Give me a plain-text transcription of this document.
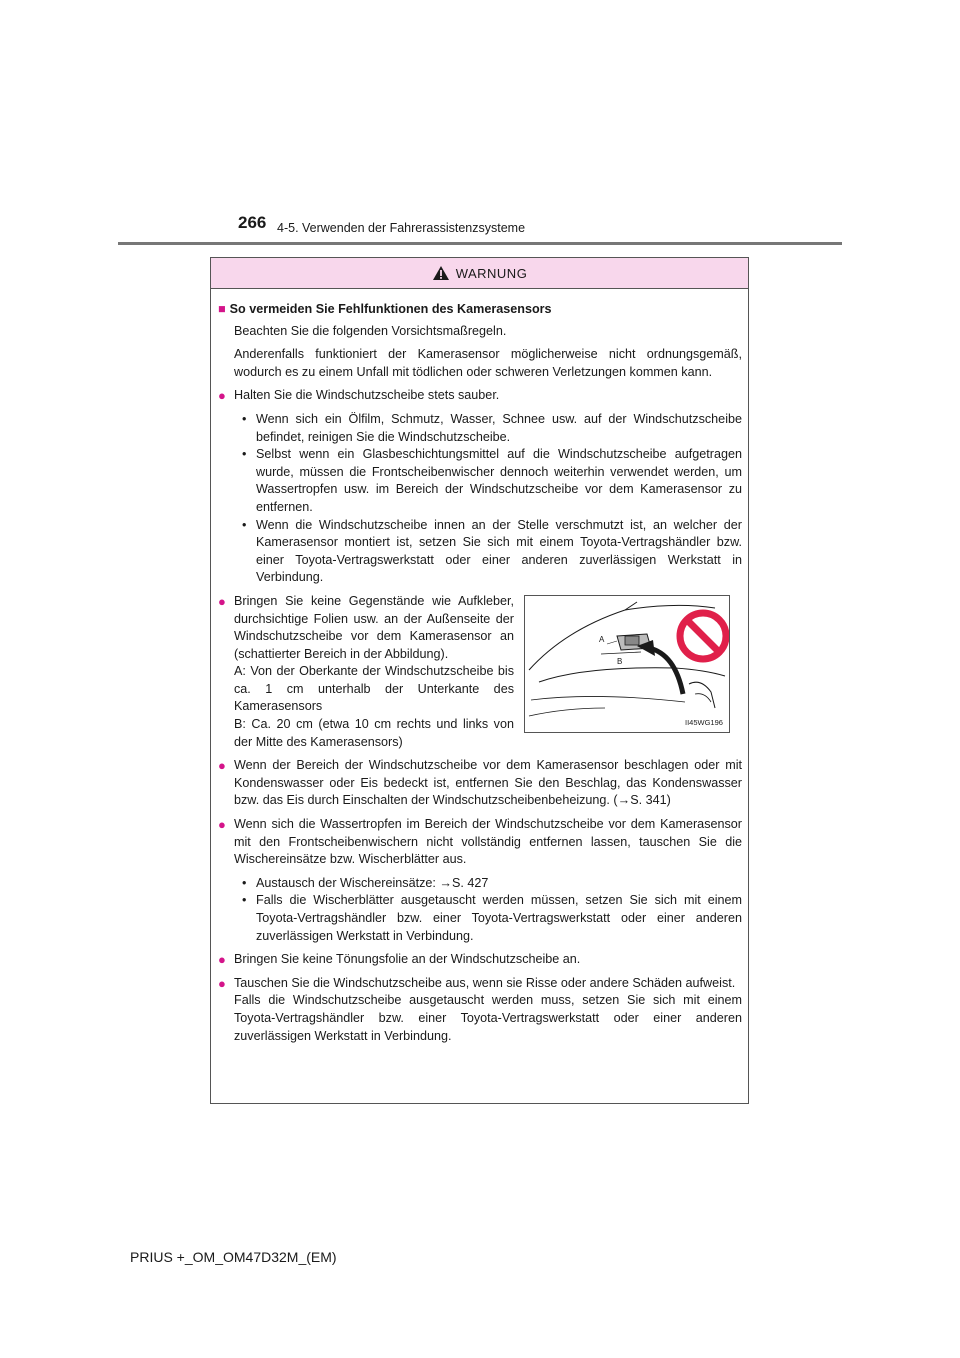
266 4-5. Verwenden der Fahrerassistenzsysteme
WARNUNG
■ So vermeiden Sie Fehlfunktionen des Kamerasensors

Beachten Sie die folgenden Vorsichtsmaßregeln.

Anderenfalls funktioniert der Kamerasensor möglicherweise nicht ordnungsgemäß, wodurch es zu einem Unfall mit tödlichen oder schweren Verletzungen kommen kann.

● Halten Sie die Windschutzscheibe stets sauber.
• Wenn sich ein Ölfilm, Schmutz, Wasser, Schnee usw. auf der Windschutzscheibe befindet, reinigen Sie die Windschutzscheibe.
• Selbst wenn ein Glasbeschichtungsmittel auf die Windschutzscheibe aufgetragen wurde, müssen die Frontscheibenwischer dennoch weiterhin verwendet werden, um Wassertropfen usw. im Bereich der Windschutzscheibe vor dem Kamerasensor zu entfernen.
• Wenn die Windschutzscheibe innen an der Stelle verschmutzt ist, an welcher der Kamerasensor montiert ist, setzen Sie sich mit einem Toyota-Vertragshändler bzw. einer Toyota-Vertragswerkstatt oder einer anderen zuverlässigen Werkstatt in Verbindung.
● Bringen Sie keine Gegenstände wie Aufkleber, durchsichtige Folien usw. an der Außenseite der Windschutzscheibe vor dem Kamerasensor an (schattierter Bereich in der Abbildung).
A: Von der Oberkante der Windschutzscheibe bis ca. 1 cm unterhalb der Unterkante des Kamerasensors
B: Ca. 20 cm (etwa 10 cm rechts und links von der Mitte des Kamerasensors)
A
B
II45WG196
● Wenn der Bereich der Windschutzscheibe vor dem Kamerasensor beschlagen oder mit Kondenswasser oder Eis bedeckt ist, entfernen Sie den Beschlag, das Kondenswasser bzw. das Eis durch Einschalten der Windschutzscheibenbeheizung. (→S. 341)
● Wenn sich die Wassertropfen im Bereich der Windschutzscheibe vor dem Kamerasensor mit den Frontscheibenwischern nicht vollständig entfernen lassen, tauschen Sie die Wischereinsätze bzw. Wischerblätter aus.
• Austausch der Wischereinsätze: →S. 427
• Falls die Wischerblätter ausgetauscht werden müssen, setzen Sie sich mit einem Toyota-Vertragshändler bzw. einer Toyota-Vertragswerkstatt oder einer anderen zuverlässigen Werkstatt in Verbindung.
● Bringen Sie keine Tönungsfolie an der Windschutzscheibe an.
● Tauschen Sie die Windschutzscheibe aus, wenn sie Risse oder andere Schäden aufweist.
Falls die Windschutzscheibe ausgetauscht werden muss, setzen Sie sich mit einem Toyota-Vertragshändler bzw. einer Toyota-Vertragswerkstatt oder einer anderen zuverlässigen Werkstatt in Verbindung.
PRIUS +_OM_OM47D32M_(EM)
